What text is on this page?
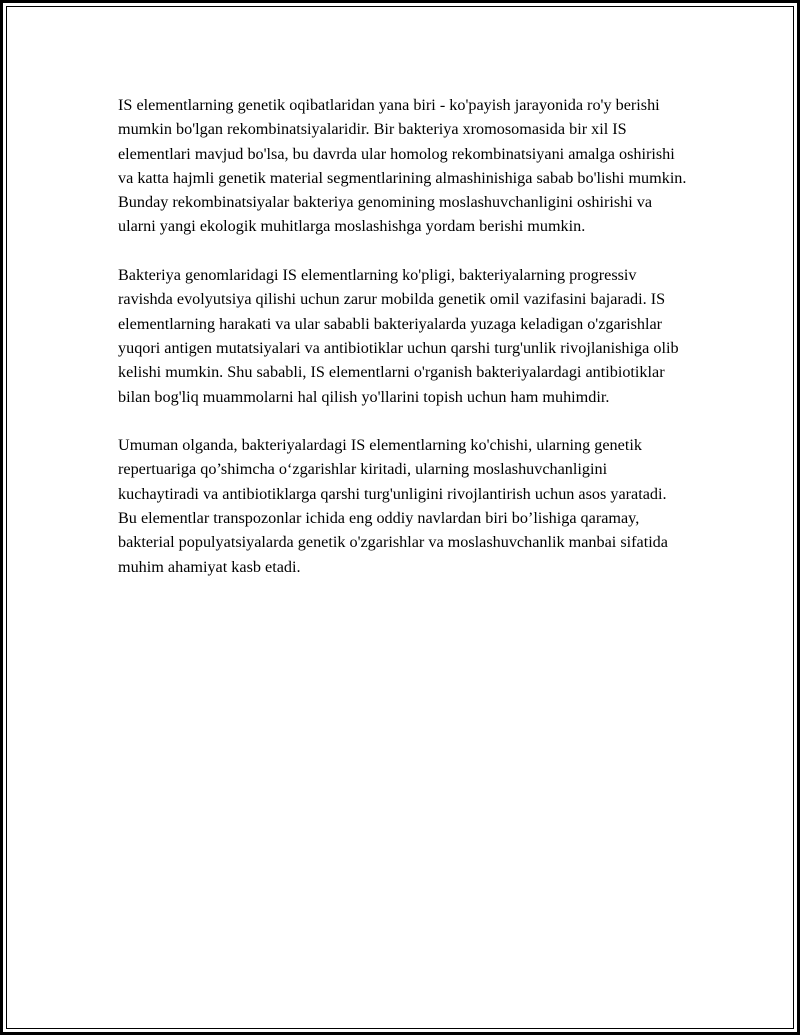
IS elementlarning genetik oqibatlaridan yana biri - ko'payish jarayonida ro'y berishi mumkin bo'lgan rekombinatsiyalaridir. Bir bakteriya xromosomasida bir xil IS elementlari mavjud bo'lsa, bu davrda ular homolog rekombinatsiyani amalga oshirishi va katta hajmli genetik material segmentlarining almashinishiga sabab bo'lishi mumkin. Bunday rekombinatsiyalar bakteriya genomining moslashuvchanligini oshirishi va ularni yangi ekologik muhitlarga moslashishga yordam berishi mumkin.

Bakteriya genomlaridagi IS elementlarning ko'pligi, bakteriyalarning progressiv ravishda evolyutsiya qilishi uchun zarur mobilda genetik omil vazifasini bajaradi. IS elementlarning harakati va ular sababli bakteriyalarda yuzaga keladigan o'zgarishlar yuqori antigen mutatsiyalari va antibiotiklar uchun qarshi turg'unlik rivojlanishiga olib kelishi mumkin. Shu sababli, IS elementlarni o'rganish bakteriyalardagi antibiotiklar bilan bog'liq muammolarni hal qilish yo'llarini topish uchun ham muhimdir.

Umuman olganda, bakteriyalardagi IS elementlarning ko'chishi, ularning genetik repertuariga qo’shimcha o‘zgarishlar kiritadi, ularning moslashuvchanligini kuchaytiradi va antibiotiklarga qarshi turg'unligini rivojlantirish uchun asos yaratadi. Bu elementlar transpozonlar ichida eng oddiy navlardan biri bo’lishiga qaramay, bakterial populyatsiyalarda genetik o'zgarishlar va moslashuvchanlik manbai sifatida muhim ahamiyat kasb etadi.
